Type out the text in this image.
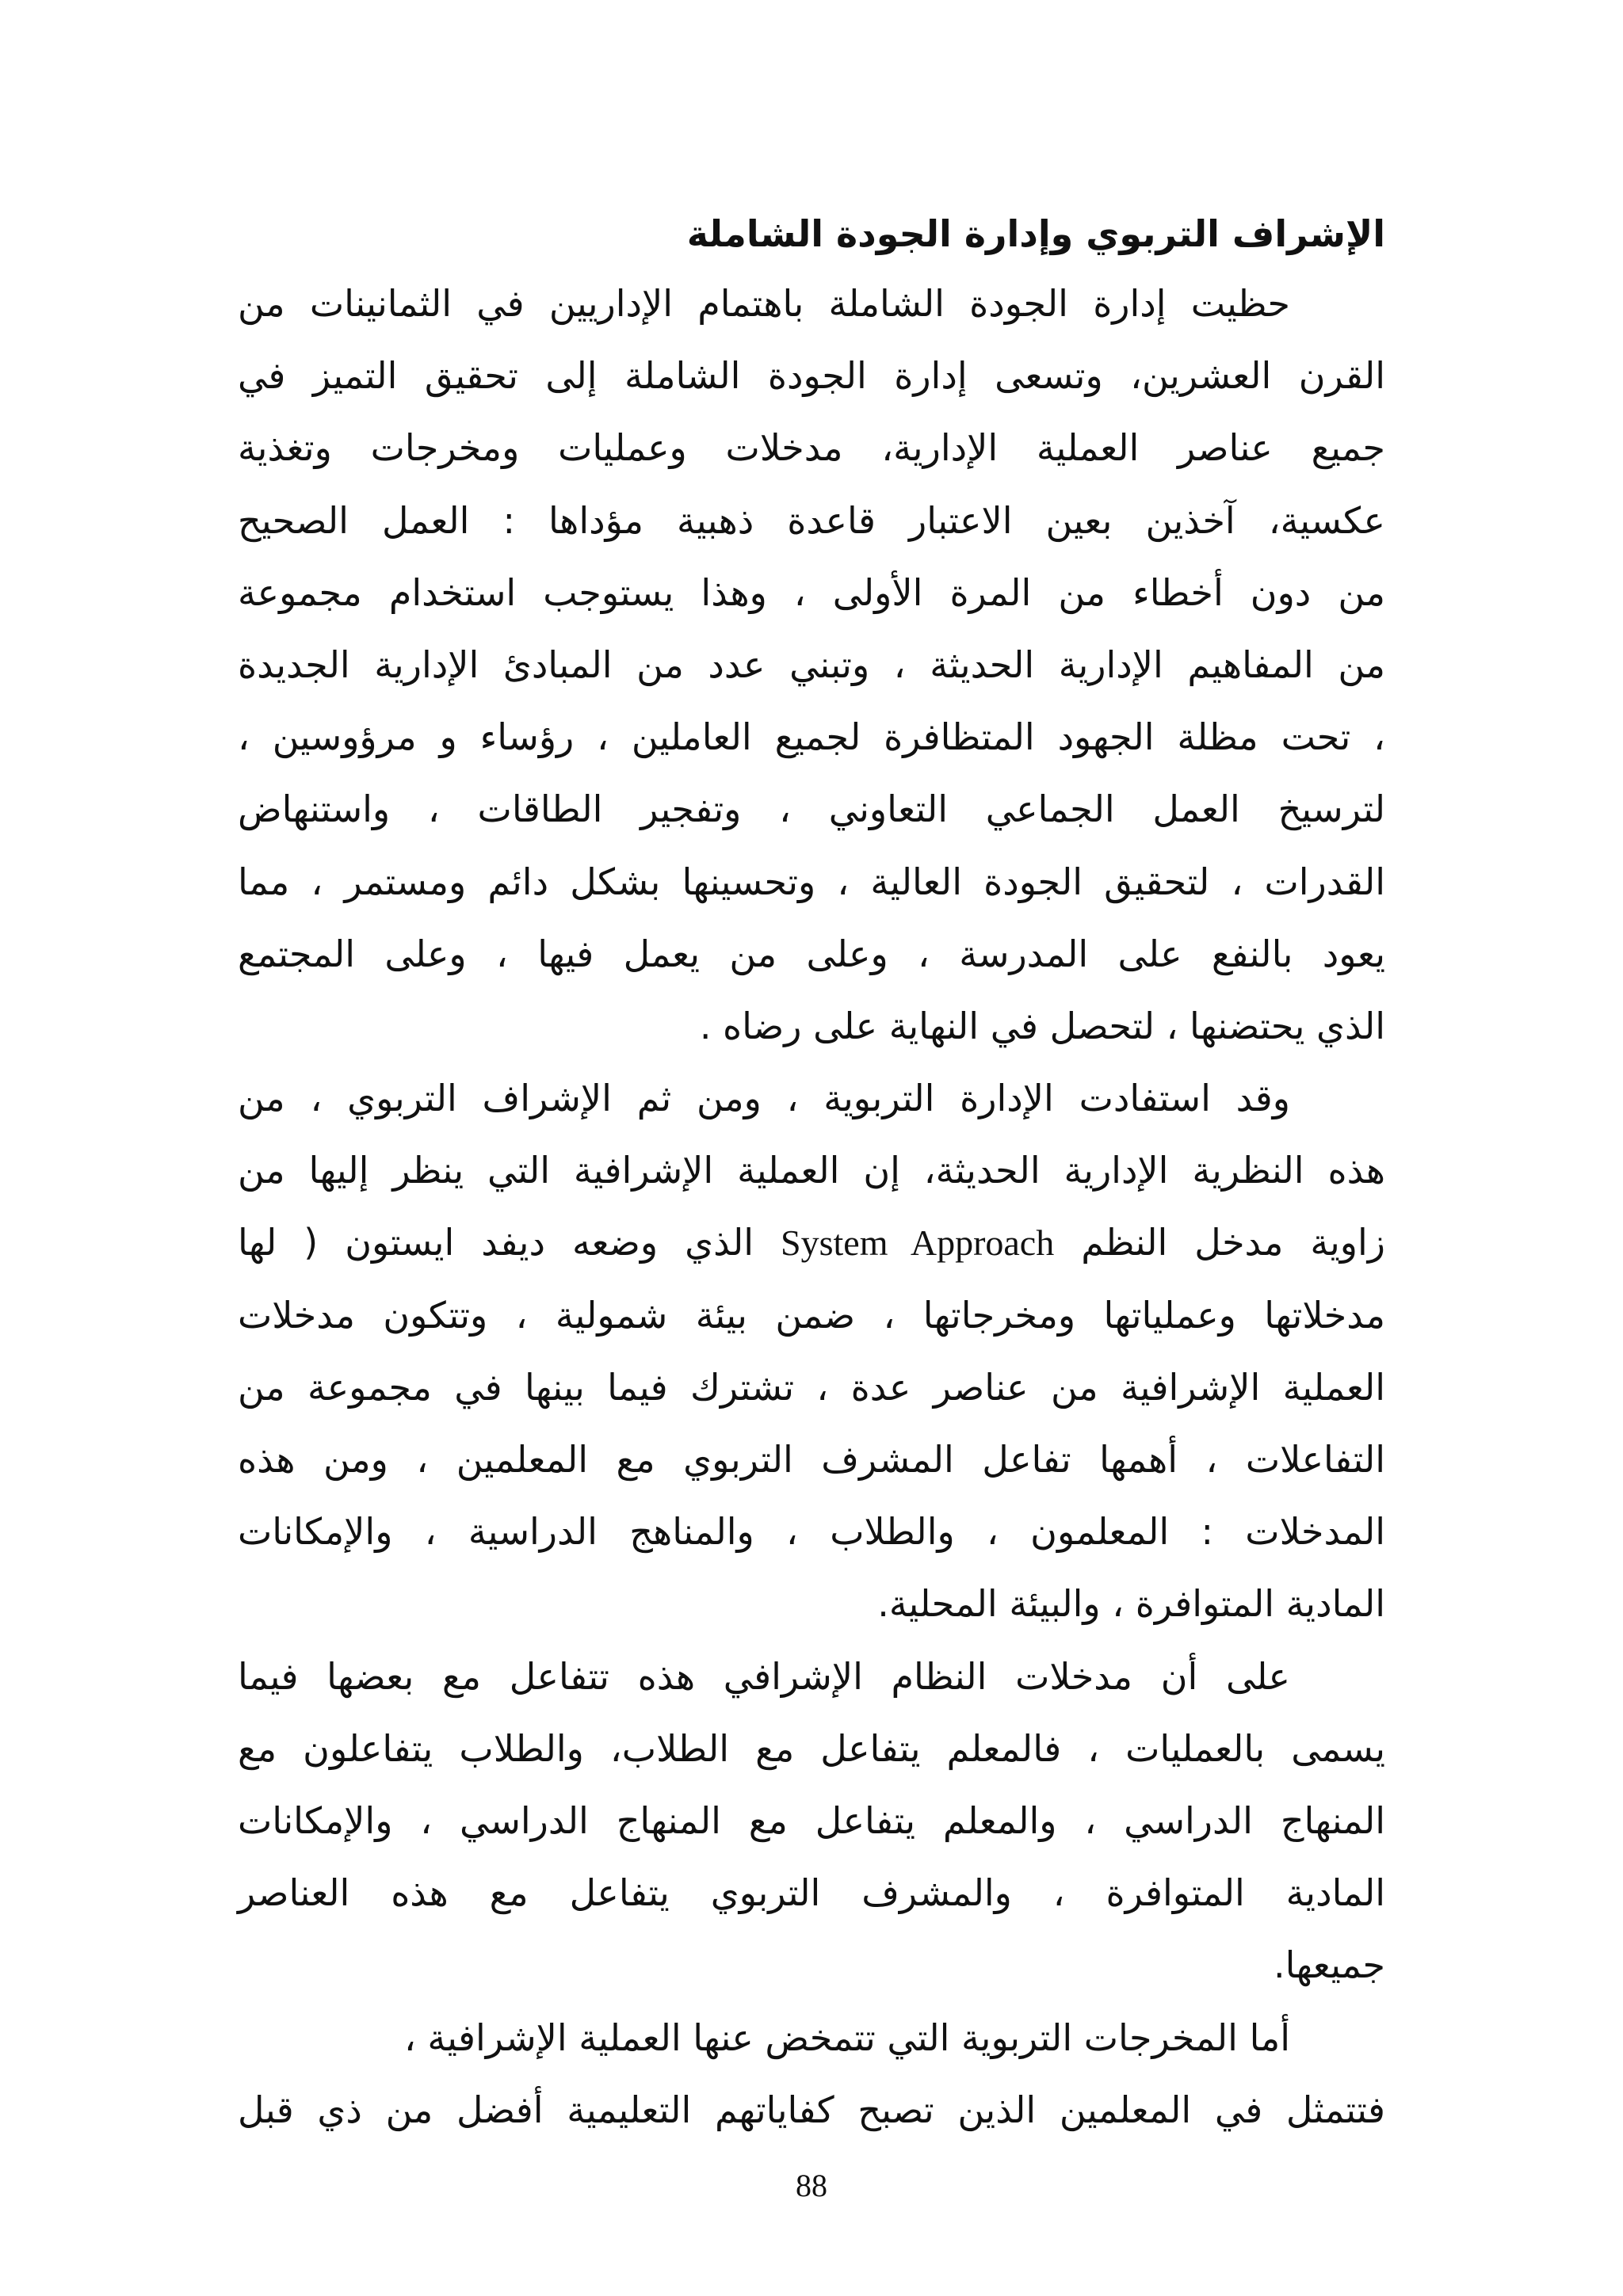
الإشراف التربوي وإدارة الجودة الشاملة
حظيت إدارة الجودة الشاملة باهتمام الإداريين في الثمانينات من
القرن العشرين، وتسعى إدارة الجودة الشاملة إلى تحقيق التميز في
جميع عناصر العملية الإدارية، مدخلات وعمليات ومخرجات وتغذية
عكسية، آخذين بعين الاعتبار قاعدة ذهبية مؤداها : العمل الصحيح
من دون أخطاء من المرة الأولى ، وهذا يستوجب استخدام مجموعة
من المفاهيم الإدارية الحديثة ، وتبني عدد من المبادئ الإدارية الجديدة
، تحت مظلة الجهود المتظافرة لجميع العاملين ، رؤساء و مرؤوسين ،
لترسيخ العمل الجماعي التعاوني ، وتفجير الطاقات ، واستنهاض
القدرات ، لتحقيق الجودة العالية ، وتحسينها بشكل دائم ومستمر ، مما
يعود بالنفع على المدرسة ، وعلى من يعمل فيها ، وعلى المجتمع
الذي يحتضنها ، لتحصل في النهاية على رضاه .
وقد استفادت الإدارة التربوية ، ومن ثم الإشراف التربوي ، من
هذه النظرية الإدارية الحديثة، إن العملية الإشرافية التي ينظر إليها من
زاوية مدخل النظم System Approach الذي وضعه ديفد ايستون ( لها
مدخلاتها وعملياتها ومخرجاتها ، ضمن بيئة شمولية ، وتتكون مدخلات
العملية الإشرافية من عناصر عدة ، تشترك فيما بينها في مجموعة من
التفاعلات ، أهمها تفاعل المشرف التربوي مع المعلمين ، ومن هذه
المدخلات : المعلمون ، والطلاب ، والمناهج الدراسية ، والإمكانات
المادية المتوافرة ، والبيئة المحلية.
على أن مدخلات النظام الإشرافي هذه تتفاعل مع بعضها فيما
يسمى بالعمليات ، فالمعلم يتفاعل مع الطلاب، والطلاب يتفاعلون مع
المنهاج الدراسي ، والمعلم يتفاعل مع المنهاج الدراسي ، والإمكانات
المادية المتوافرة ، والمشرف التربوي يتفاعل مع هذه العناصر
جميعها.
أما المخرجات التربوية التي تتمخض عنها العملية الإشرافية ،
فتتمثل في المعلمين الذين تصبح كفاياتهم التعليمية أفضل من ذي قبل
88
